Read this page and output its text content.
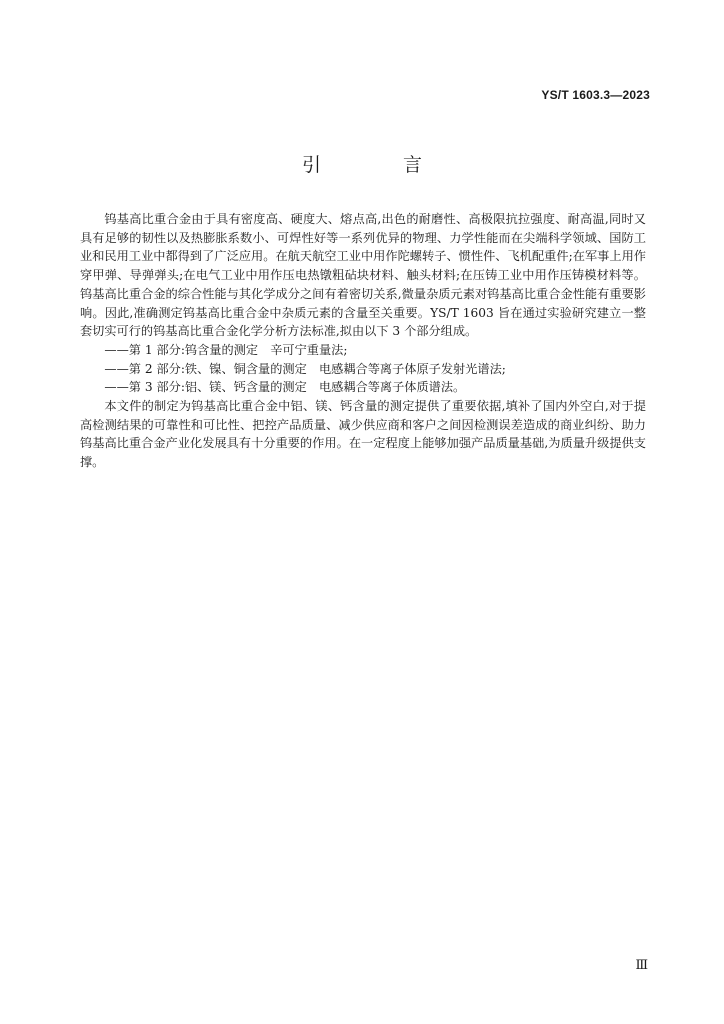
YS/T 1603.3—2023
引 言

钨基高比重合金由于具有密度高、硬度大、熔点高,出色的耐磨性、高极限抗拉强度、耐高温,同时又具有足够的韧性以及热膨胀系数小、可焊性好等一系列优异的物理、力学性能而在尖端科学领域、国防工业和民用工业中都得到了广泛应用。在航天航空工业中用作陀螺转子、惯性件、飞机配重件;在军事上用作穿甲弹、导弹弹头;在电气工业中用作压电热镦粗砧块材料、触头材料;在压铸工业中用作压铸模材料等。钨基高比重合金的综合性能与其化学成分之间有着密切关系,微量杂质元素对钨基高比重合金性能有重要影响。因此,准确测定钨基高比重合金中杂质元素的含量至关重要。YS/T 1603 旨在通过实验研究建立一整套切实可行的钨基高比重合金化学分析方法标准,拟由以下 3 个部分组成。

——第 1 部分:钨含量的测定 辛可宁重量法;

——第 2 部分:铁、镍、铜含量的测定 电感耦合等离子体原子发射光谱法;

——第 3 部分:铝、镁、钙含量的测定 电感耦合等离子体质谱法。

本文件的制定为钨基高比重合金中铝、镁、钙含量的测定提供了重要依据,填补了国内外空白,对于提高检测结果的可靠性和可比性、把控产品质量、减少供应商和客户之间因检测误差造成的商业纠纷、助力钨基高比重合金产业化发展具有十分重要的作用。在一定程度上能够加强产品质量基础,为质量升级提供支撑。

Ⅲ
